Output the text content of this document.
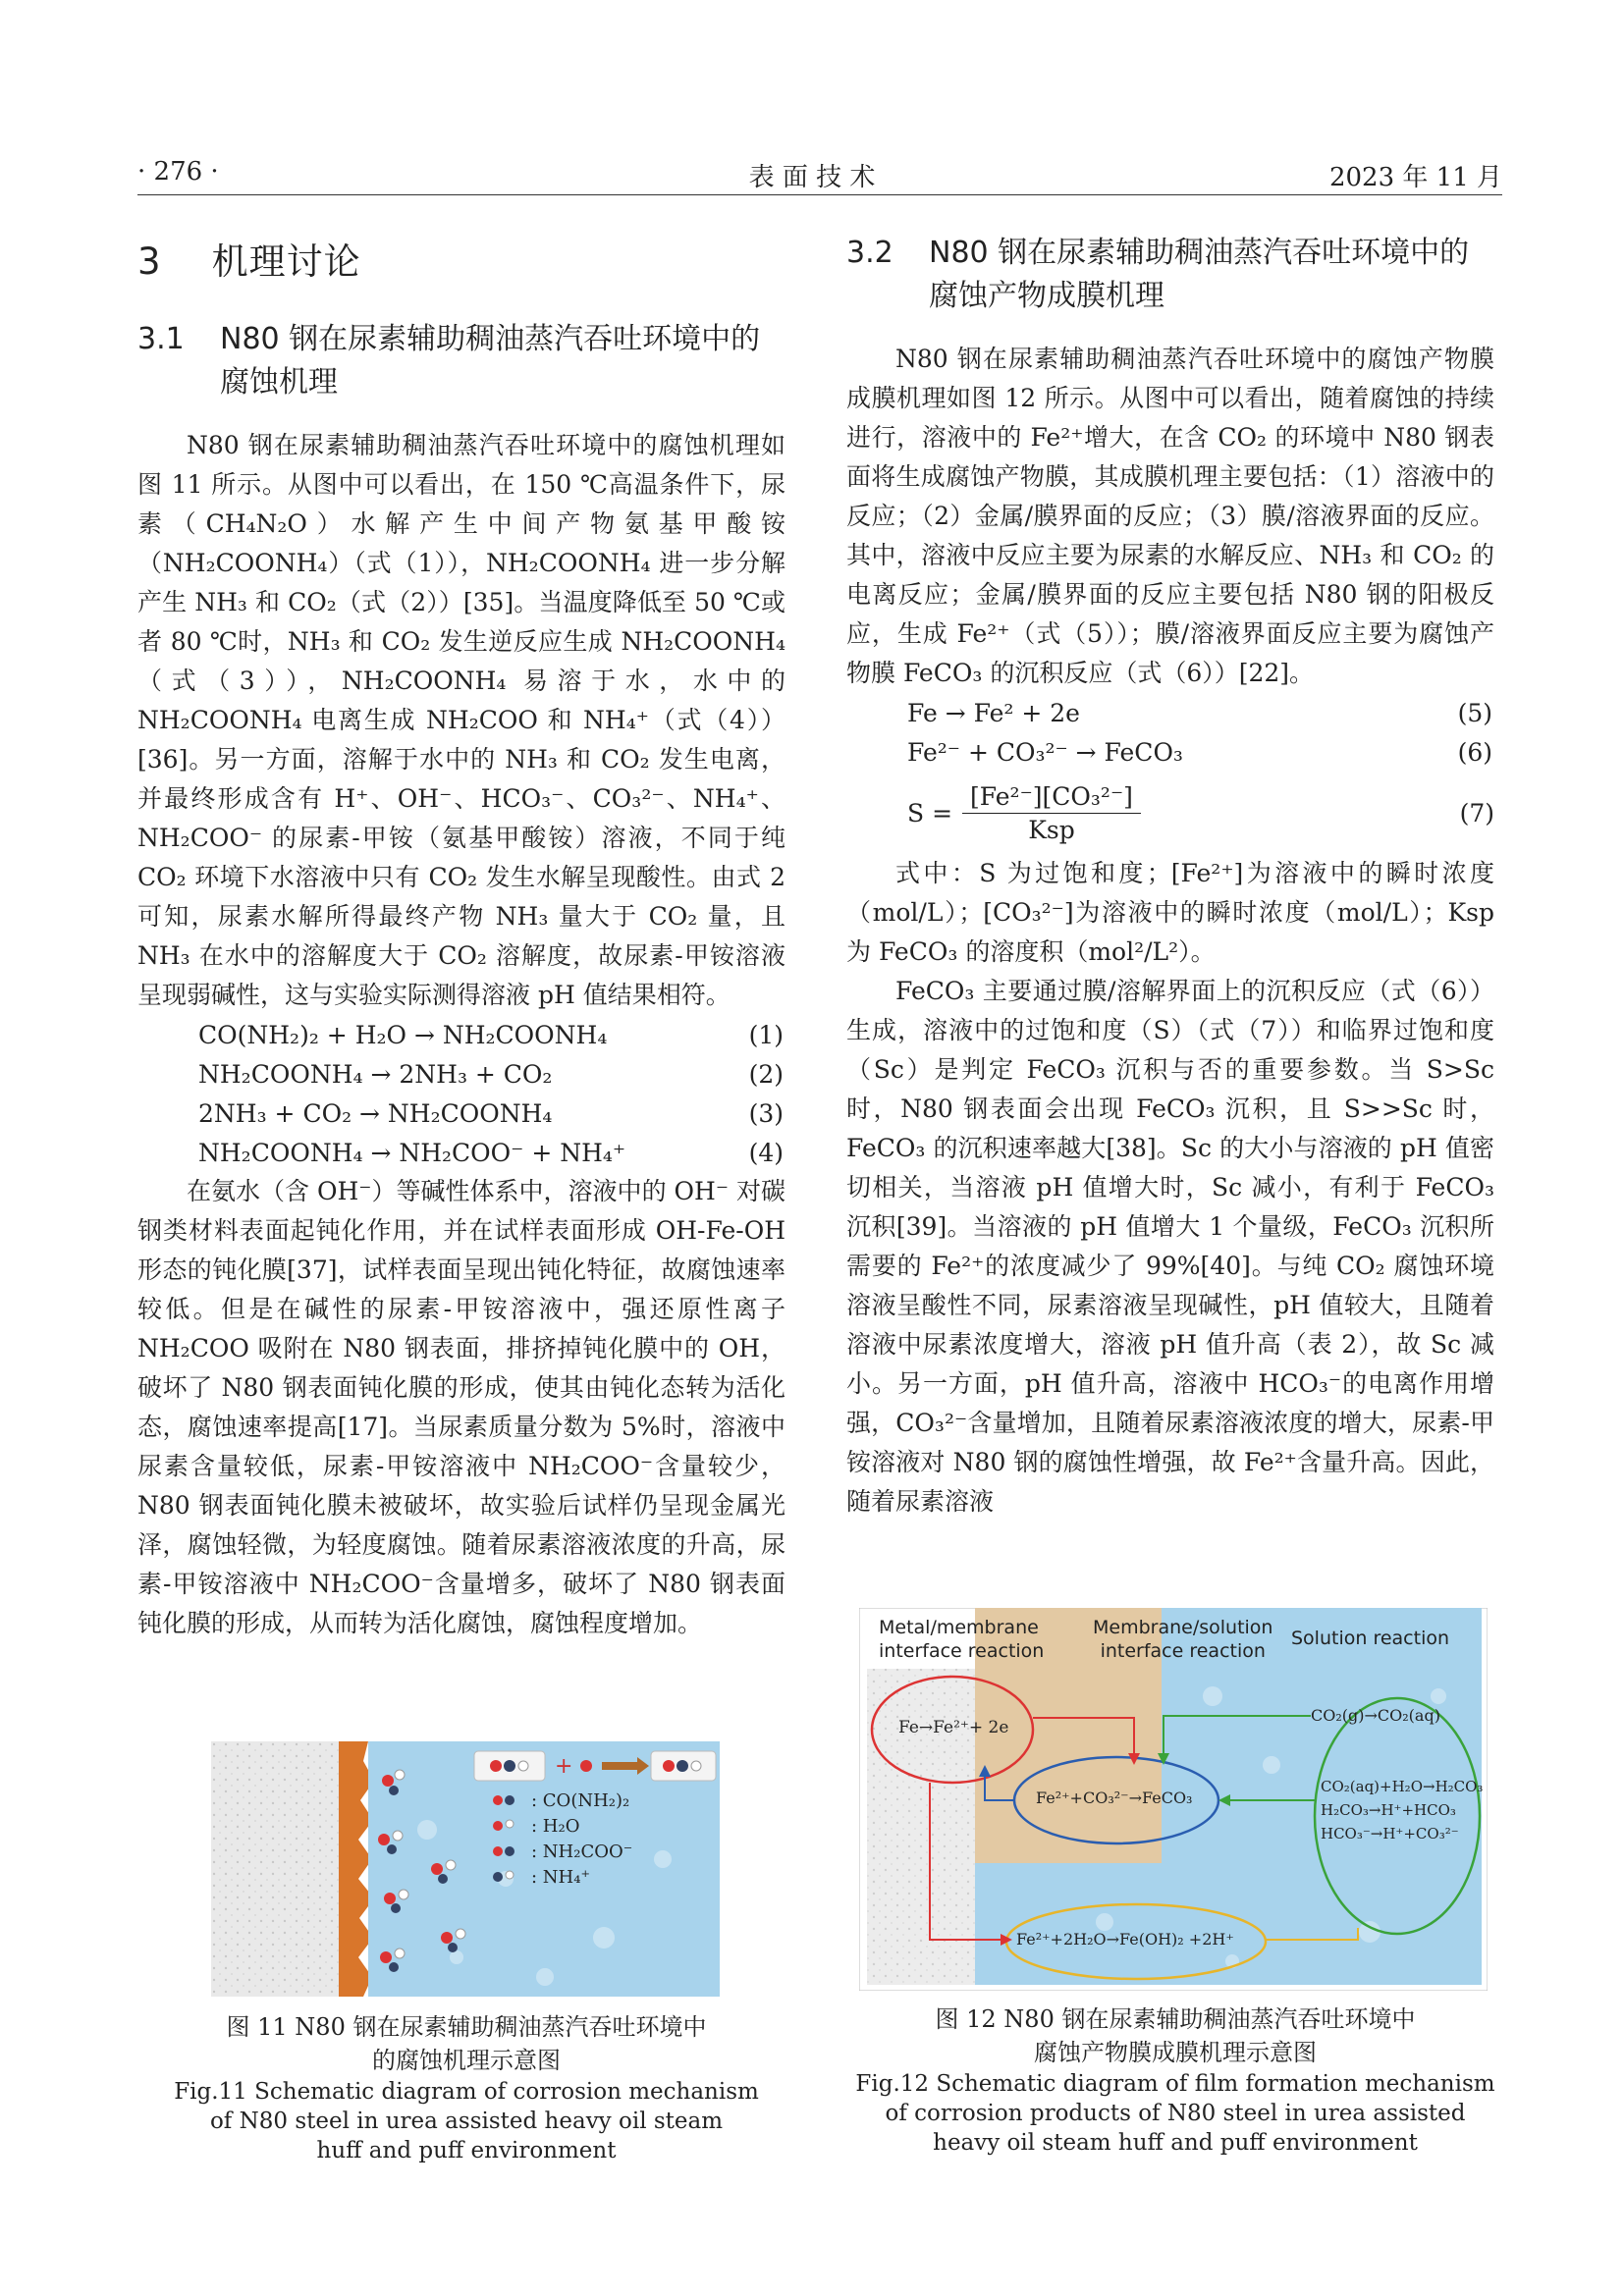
· 276 ·	表 面 技 术	2023 年 11 月
3 机理讨论
3.1 N80 钢在尿素辅助稠油蒸汽吞吐环境中的腐蚀机理

N80 钢在尿素辅助稠油蒸汽吞吐环境中的腐蚀机理如图 11 所示。从图中可以看出，在 150 ℃高温条件下，尿素（CH₄N₂O）水解产生中间产物氨基甲酸铵（NH₂COONH₄）（式（1）），NH₂COONH₄ 进一步分解产生 NH₃ 和 CO₂（式（2））[35]。当温度降低至 50 ℃或者 80 ℃时，NH₃ 和 CO₂ 发生逆反应生成 NH₂COONH₄（式（3）），NH₂COONH₄ 易溶于水，水中的 NH₂COONH₄ 电离生成 NH₂COO 和 NH₄⁺（式（4））[36]。另一方面，溶解于水中的 NH₃ 和 CO₂ 发生电离，并最终形成含有 H⁺、OH⁻、HCO₃⁻、CO₃²⁻、NH₄⁺、NH₂COO⁻ 的尿素-甲铵（氨基甲酸铵）溶液，不同于纯 CO₂ 环境下水溶液中只有 CO₂ 发生水解呈现酸性。由式 2 可知，尿素水解所得最终产物 NH₃ 量大于 CO₂ 量，且 NH₃ 在水中的溶解度大于 CO₂ 溶解度，故尿素-甲铵溶液呈现弱碱性，这与实验实际测得溶液 pH 值结果相符。

CO(NH₂)₂ + H₂O → NH₂COONH₄	(1)
NH₂COONH₄ → 2NH₃ + CO₂	(2)
2NH₃ + CO₂ → NH₂COONH₄	(3)
NH₂COONH₄ → NH₂COO⁻ + NH₄⁺	(4)

在氨水（含 OH⁻）等碱性体系中，溶液中的 OH⁻ 对碳钢类材料表面起钝化作用，并在试样表面形成 OH-Fe-OH 形态的钝化膜[37]，试样表面呈现出钝化特征，故腐蚀速率较低。但是在碱性的尿素-甲铵溶液中，强还原性离子 NH₂COO 吸附在 N80 钢表面，排挤掉钝化膜中的 OH，破坏了 N80 钢表面钝化膜的形成，使其由钝化态转为活化态，腐蚀速率提高[17]。当尿素质量分数为 5%时，溶液中尿素含量较低，尿素-甲铵溶液中 NH₂COO⁻含量较少，N80 钢表面钝化膜未被破坏，故实验后试样仍呈现金属光泽，腐蚀轻微，为轻度腐蚀。随着尿素溶液浓度的升高，尿素-甲铵溶液中 NH₂COO⁻含量增多，破坏了 N80 钢表面钝化膜的形成，从而转为活化腐蚀，腐蚀程度增加。

+
: CO(NH₂)₂
: H₂O
: NH₂COO⁻
: NH₄⁺

图 11 N80 钢在尿素辅助稠油蒸汽吞吐环境中

的腐蚀机理示意图

Fig.11 Schematic diagram of corrosion mechanism

of N80 steel in urea assisted heavy oil steam

huff and puff environment

3.2 N80 钢在尿素辅助稠油蒸汽吞吐环境中的腐蚀产物成膜机理

N80 钢在尿素辅助稠油蒸汽吞吐环境中的腐蚀产物膜成膜机理如图 12 所示。从图中可以看出，随着腐蚀的持续进行，溶液中的 Fe²⁺增大，在含 CO₂ 的环境中 N80 钢表面将生成腐蚀产物膜，其成膜机理主要包括：（1）溶液中的反应；（2）金属/膜界面的反应；（3）膜/溶液界面的反应。其中，溶液中反应主要为尿素的水解反应、NH₃ 和 CO₂ 的电离反应；金属/膜界面的反应主要包括 N80 钢的阳极反应，生成 Fe²⁺（式（5））；膜/溶液界面反应主要为腐蚀产物膜 FeCO₃ 的沉积反应（式（6））[22]。

Fe → Fe² + 2e	(5)
Fe²⁻ + CO₃²⁻ → FeCO₃	(6)
$S = \frac{\text{[Fe²⁻][CO₃²⁻]}}{\text{Ksp}}$	(7)

式中：S 为过饱和度；[Fe²⁺]为溶液中的瞬时浓度（mol/L）；[CO₃²⁻]为溶液中的瞬时浓度（mol/L）；Ksp 为 FeCO₃ 的溶度积（mol²/L²）。

FeCO₃ 主要通过膜/溶解界面上的沉积反应（式（6））生成，溶液中的过饱和度（S）（式（7））和临界过饱和度（Sc）是判定 FeCO₃ 沉积与否的重要参数。当 S>Sc 时，N80 钢表面会出现 FeCO₃ 沉积，且 S>>Sc 时，FeCO₃ 的沉积速率越大[38]。Sc 的大小与溶液的 pH 值密切相关，当溶液 pH 值增大时，Sc 减小，有利于 FeCO₃ 沉积[39]。当溶液的 pH 值增大 1 个量级，FeCO₃ 沉积所需要的 Fe²⁺的浓度减少了 99%[40]。与纯 CO₂ 腐蚀环境溶液呈酸性不同，尿素溶液呈现碱性，pH 值较大，且随着溶液中尿素浓度增大，溶液 pH 值升高（表 2），故 Sc 减小。另一方面，pH 值升高，溶液中 HCO₃⁻的电离作用增强，CO₃²⁻含量增加，且随着尿素溶液浓度的增大，尿素-甲铵溶液对 N80 钢的腐蚀性增强，故 Fe²⁺含量升高。因此，随着尿素溶液

Metal/membrane
interface reaction
Membrane/solution
interface reaction
Solution reaction
Fe→Fe²⁺+ 2e
Fe²⁺+CO₃²⁻→FeCO₃
CO₂(g)→CO₂(aq)
CO₂(aq)+H₂O→H₂CO₃
H₂CO₃→H⁺+HCO₃
HCO₃⁻→H⁺+CO₃²⁻
Fe²⁺+2H₂O→Fe(OH)₂ +2H⁺

图 12 N80 钢在尿素辅助稠油蒸汽吞吐环境中

腐蚀产物膜成膜机理示意图

Fig.12 Schematic diagram of film formation mechanism

of corrosion products of N80 steel in urea assisted

heavy oil steam huff and puff environment
